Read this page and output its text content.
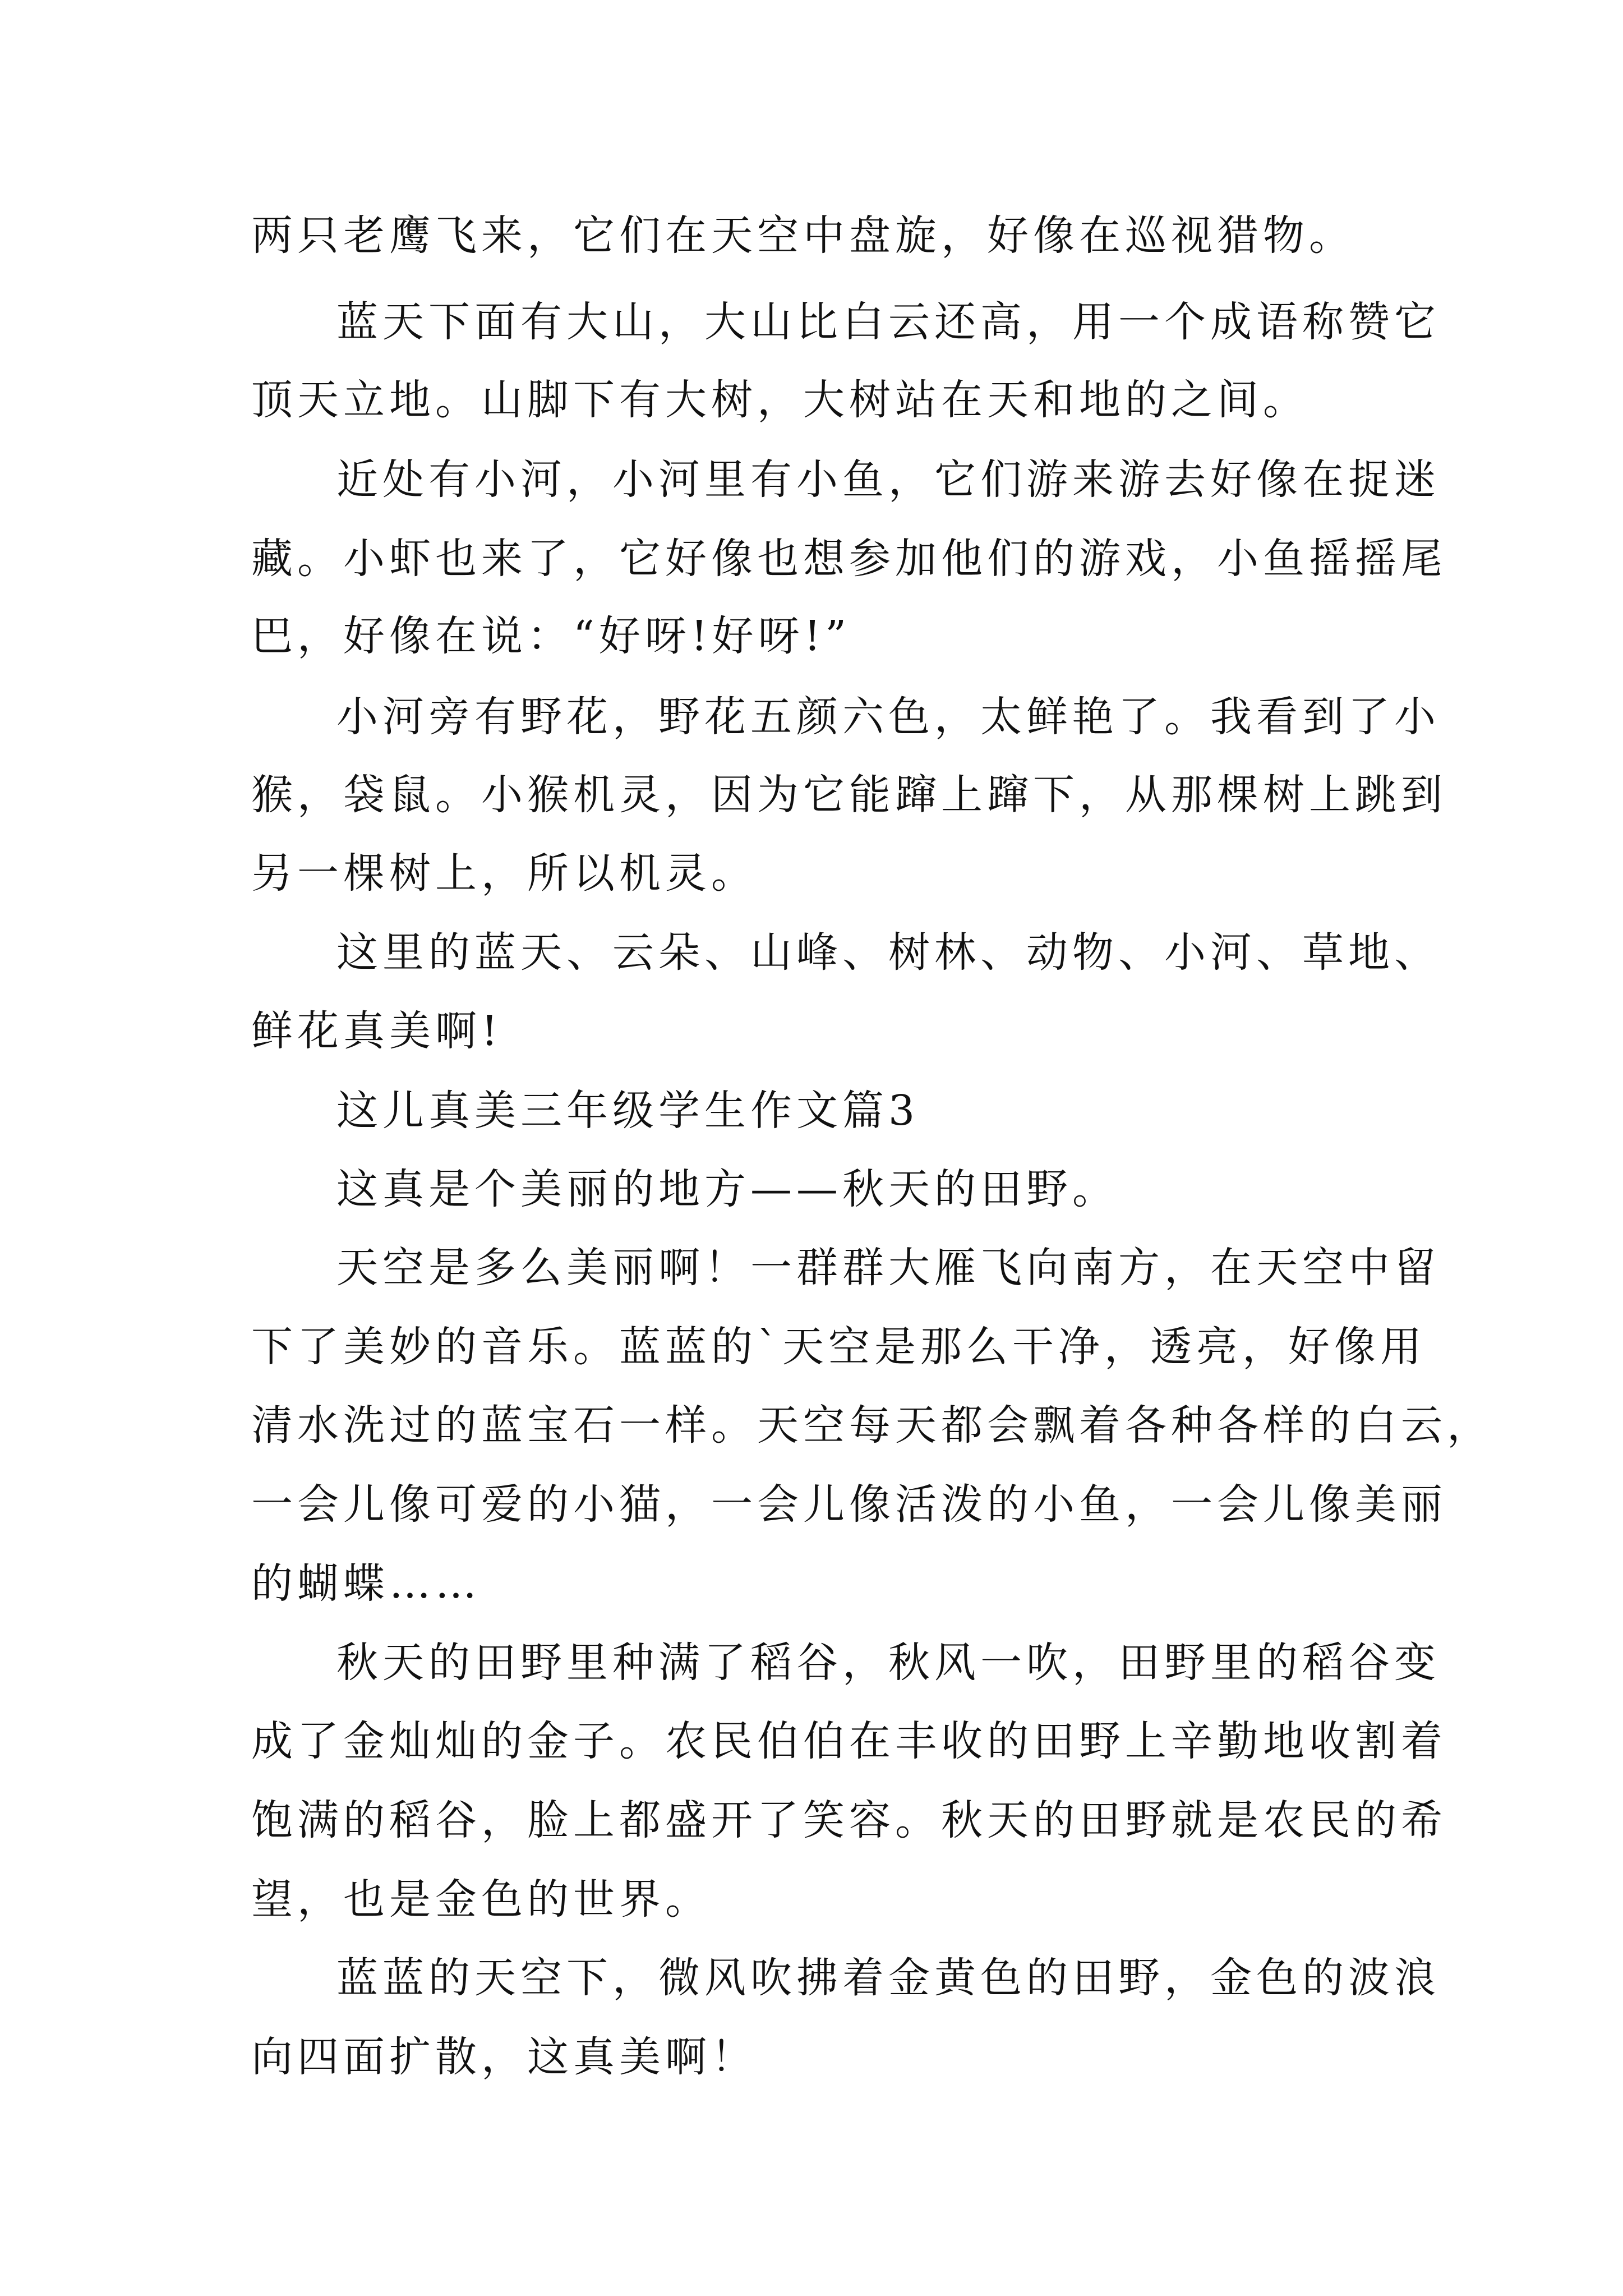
两只老鹰飞来，它们在天空中盘旋，好像在巡视猎物。
蓝天下面有大山，大山比白云还高，用一个成语称赞它
顶天立地。山脚下有大树，大树站在天和地的之间。
近处有小河，小河里有小鱼，它们游来游去好像在捉迷
藏。小虾也来了，它好像也想参加他们的游戏，小鱼摇摇尾
巴，好像在说：“好呀!好呀!”
小河旁有野花，野花五颜六色，太鲜艳了。我看到了小
猴，袋鼠。小猴机灵，因为它能蹿上蹿下，从那棵树上跳到
另一棵树上，所以机灵。
这里的蓝天、云朵、山峰、树林、动物、小河、草地、
鲜花真美啊!
这儿真美三年级学生作文篇3
这真是个美丽的地方——秋天的田野。
天空是多么美丽啊！一群群大雁飞向南方，在天空中留
下了美妙的音乐。蓝蓝的`天空是那么干净，透亮，好像用
清水洗过的蓝宝石一样。天空每天都会飘着各种各样的白云，
一会儿像可爱的小猫，一会儿像活泼的小鱼，一会儿像美丽
的蝴蝶……
秋天的田野里种满了稻谷，秋风一吹，田野里的稻谷变
成了金灿灿的金子。农民伯伯在丰收的田野上辛勤地收割着
饱满的稻谷，脸上都盛开了笑容。秋天的田野就是农民的希
望，也是金色的世界。
蓝蓝的天空下，微风吹拂着金黄色的田野，金色的波浪
向四面扩散，这真美啊！
